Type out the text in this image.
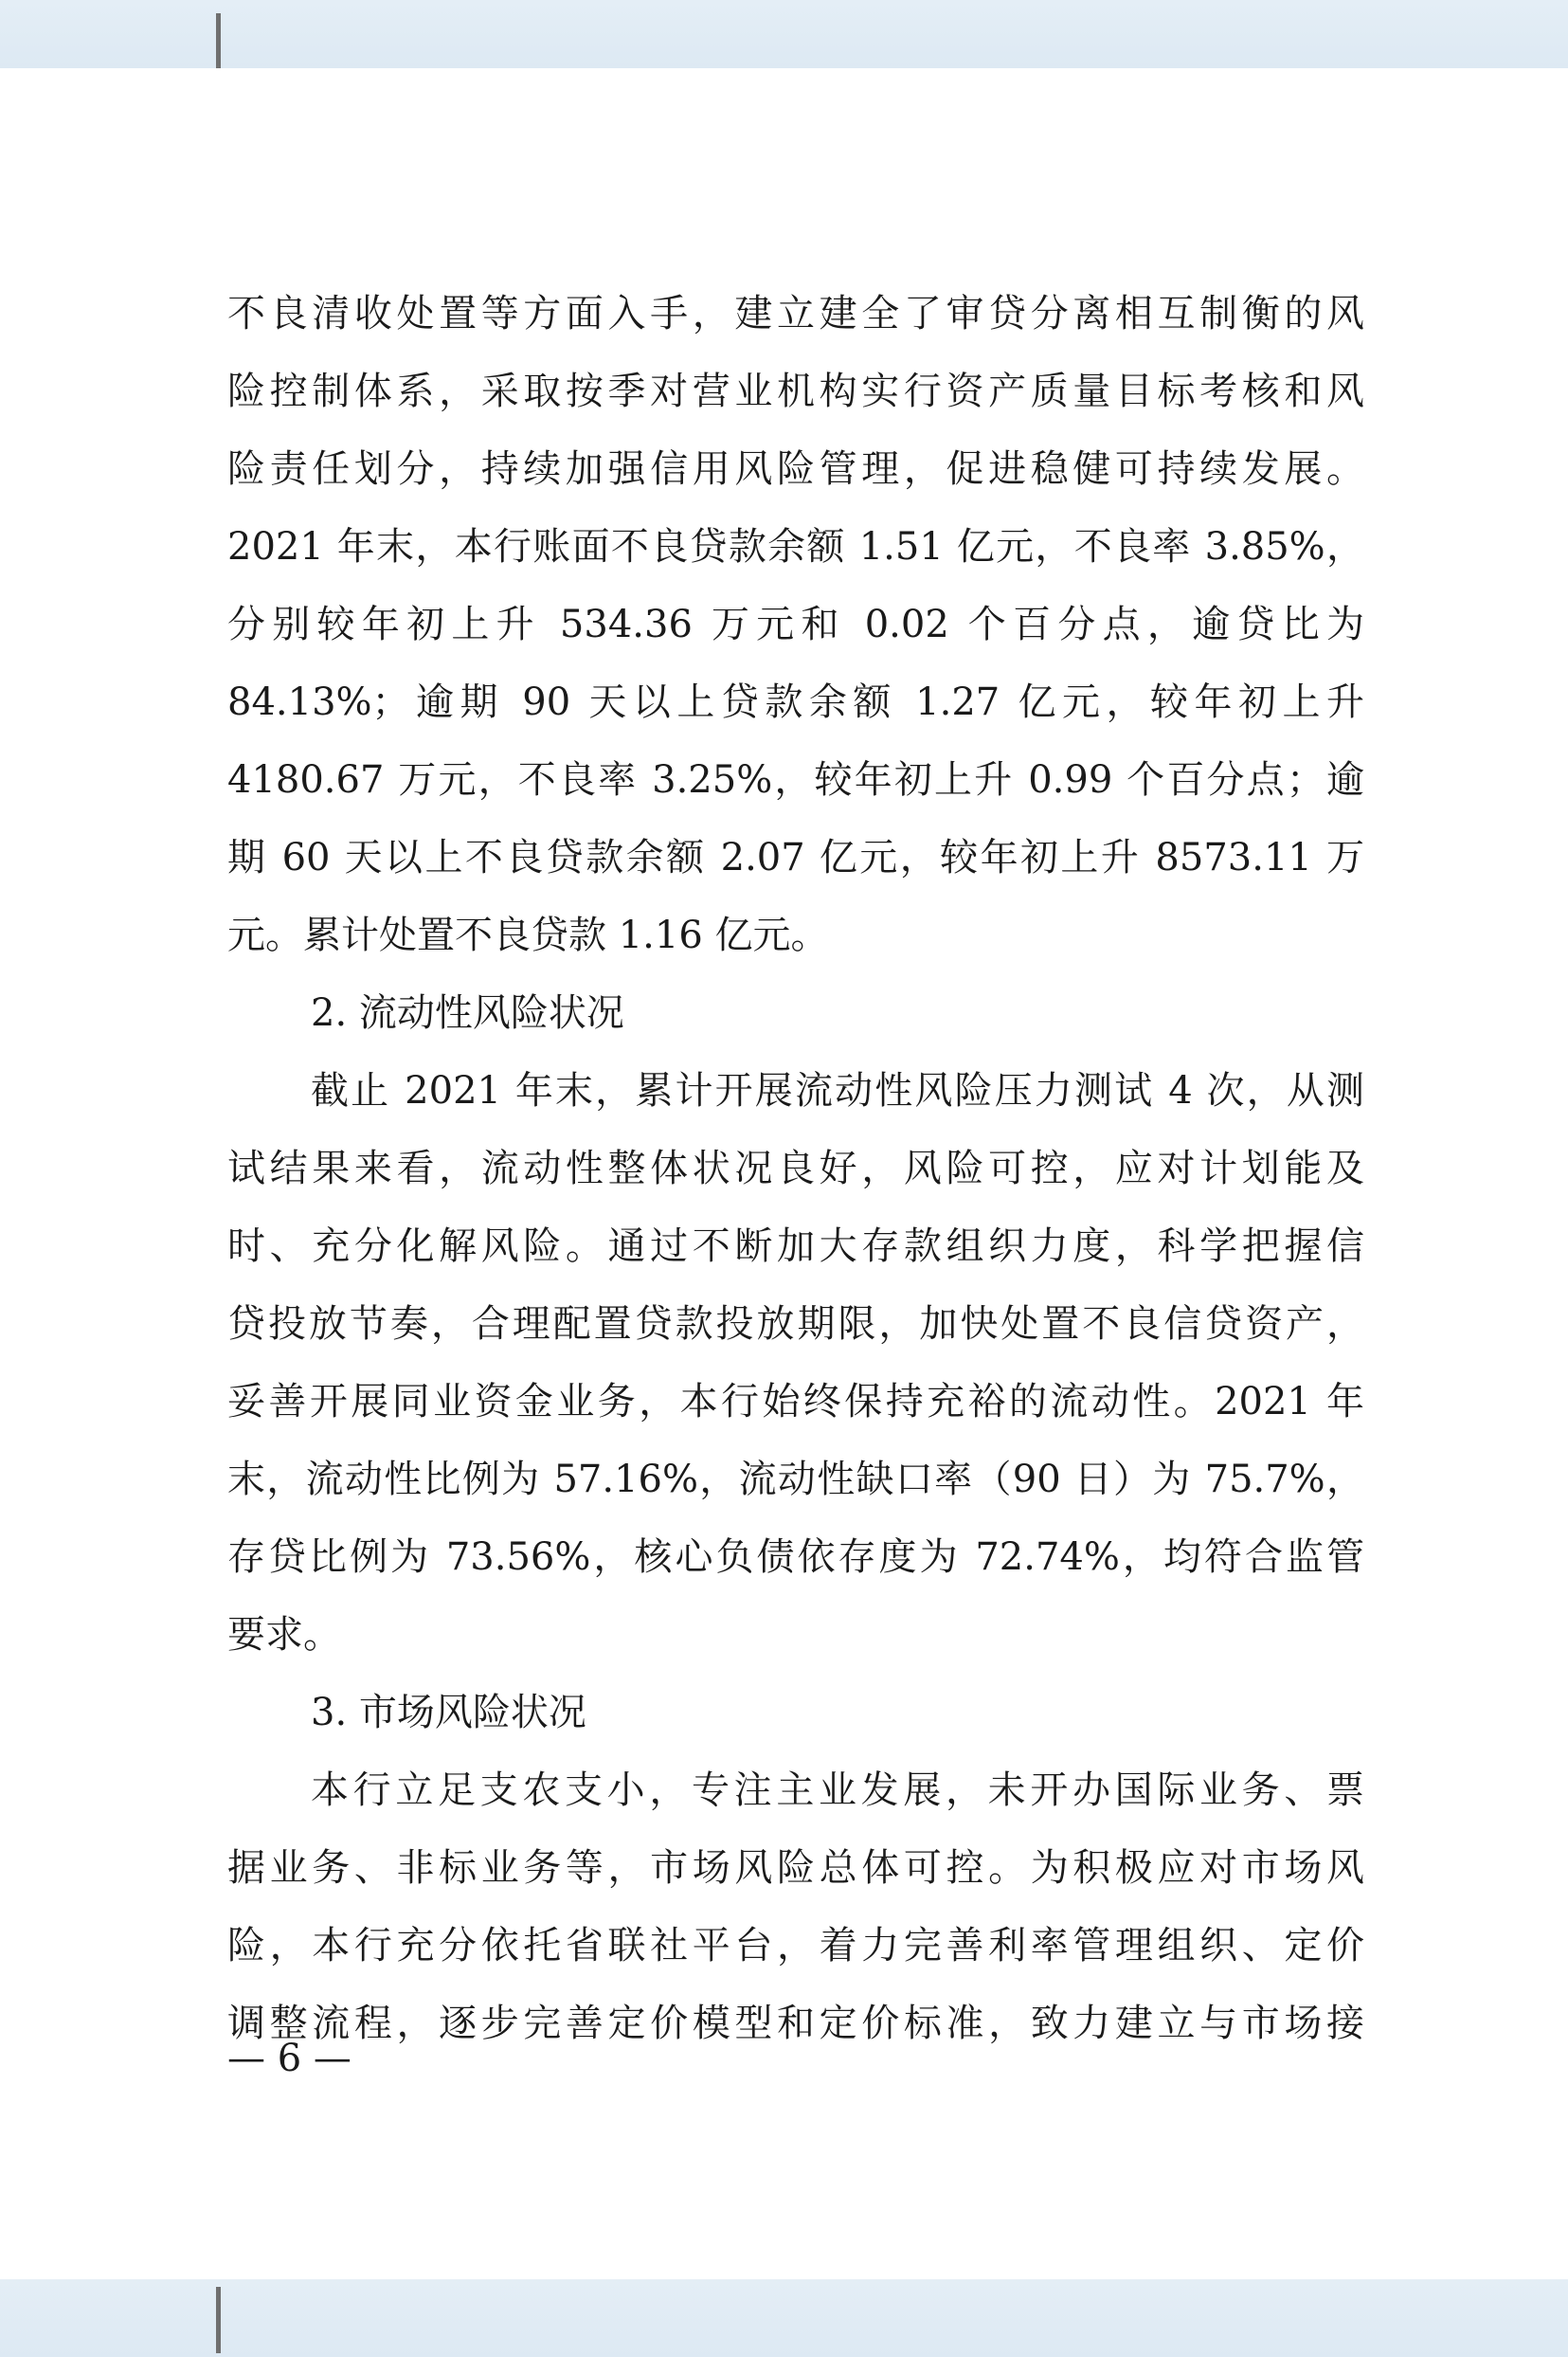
不良清收处置等方面入手，建立建全了审贷分离相互制衡的风
险控制体系，采取按季对营业机构实行资产质量目标考核和风
险责任划分，持续加强信用风险管理，促进稳健可持续发展。
2021 年末，本行账面不良贷款余额 1.51 亿元，不良率 3.85%，
分别较年初上升 534.36 万元和 0.02 个百分点，逾贷比为
84.13%；逾期 90 天以上贷款余额 1.27 亿元，较年初上升
4180.67 万元，不良率 3.25%，较年初上升 0.99 个百分点；逾
期 60 天以上不良贷款余额 2.07 亿元，较年初上升 8573.11 万
元。累计处置不良贷款 1.16 亿元。
2. 流动性风险状况
截止 2021 年末，累计开展流动性风险压力测试 4 次，从测
试结果来看，流动性整体状况良好，风险可控，应对计划能及
时、充分化解风险。通过不断加大存款组织力度，科学把握信
贷投放节奏，合理配置贷款投放期限，加快处置不良信贷资产，
妥善开展同业资金业务，本行始终保持充裕的流动性。2021 年
末，流动性比例为 57.16%，流动性缺口率（90 日）为 75.7%，
存贷比例为 73.56%，核心负债依存度为 72.74%，均符合监管
要求。
3. 市场风险状况
本行立足支农支小，专注主业发展，未开办国际业务、票
据业务、非标业务等，市场风险总体可控。为积极应对市场风
险，本行充分依托省联社平台，着力完善利率管理组织、定价
调整流程，逐步完善定价模型和定价标准，致力建立与市场接
— 6 —
